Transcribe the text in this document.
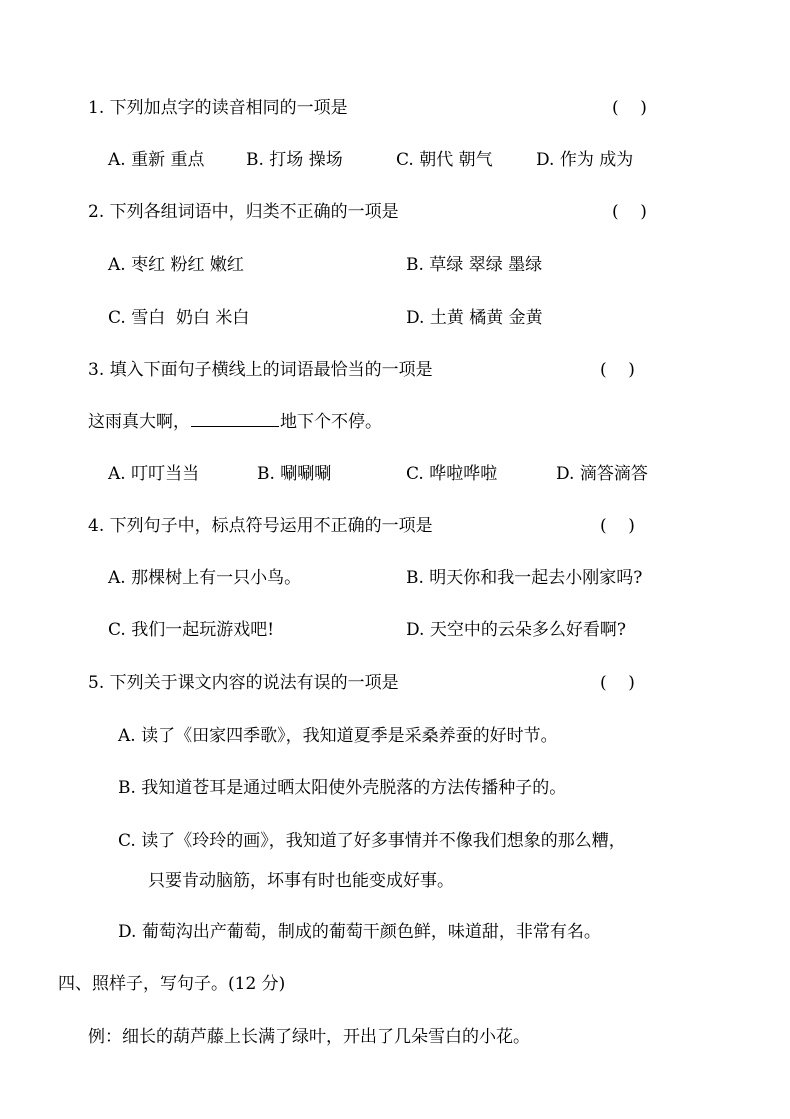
1. 下列加点字的读音相同的一项是	(    )
A. 重新 重点 B. 打场 操场	C. 朝代 朝气	D. 作为 成为
2. 下列各组词语中，归类不正确的一项是	(    )
A. 枣红 粉红 嫩红	B. 草绿 翠绿 墨绿
C. 雪白  奶白 米白	D. 土黄 橘黄 金黄
3. 填入下面句子横线上的词语最恰当的一项是	(    )
这雨真大啊，	地下个不停。
A. 叮叮当当	B. 唰唰唰	C. 哗啦哗啦	D. 滴答滴答
4. 下列句子中，标点符号运用不正确的一项是	(    )
A. 那棵树上有一只小鸟。	B. 明天你和我一起去小刚家吗?
C. 我们一起玩游戏吧!	D. 天空中的云朵多么好看啊?
5. 下列关于课文内容的说法有误的一项是	(    )
A. 读了《田家四季歌》，我知道夏季是采桑养蚕的好时节。
B. 我知道苍耳是通过晒太阳使外壳脱落的方法传播种子的。
C. 读了《玲玲的画》，我知道了好多事情并不像我们想象的那么糟，
只要肯动脑筋，坏事有时也能变成好事。
D. 葡萄沟出产葡萄，制成的葡萄干颜色鲜，味道甜，非常有名。
四、照样子，写句子。(12 分)
例：细长的葫芦藤上长满了绿叶，开出了几朵雪白的小花。
